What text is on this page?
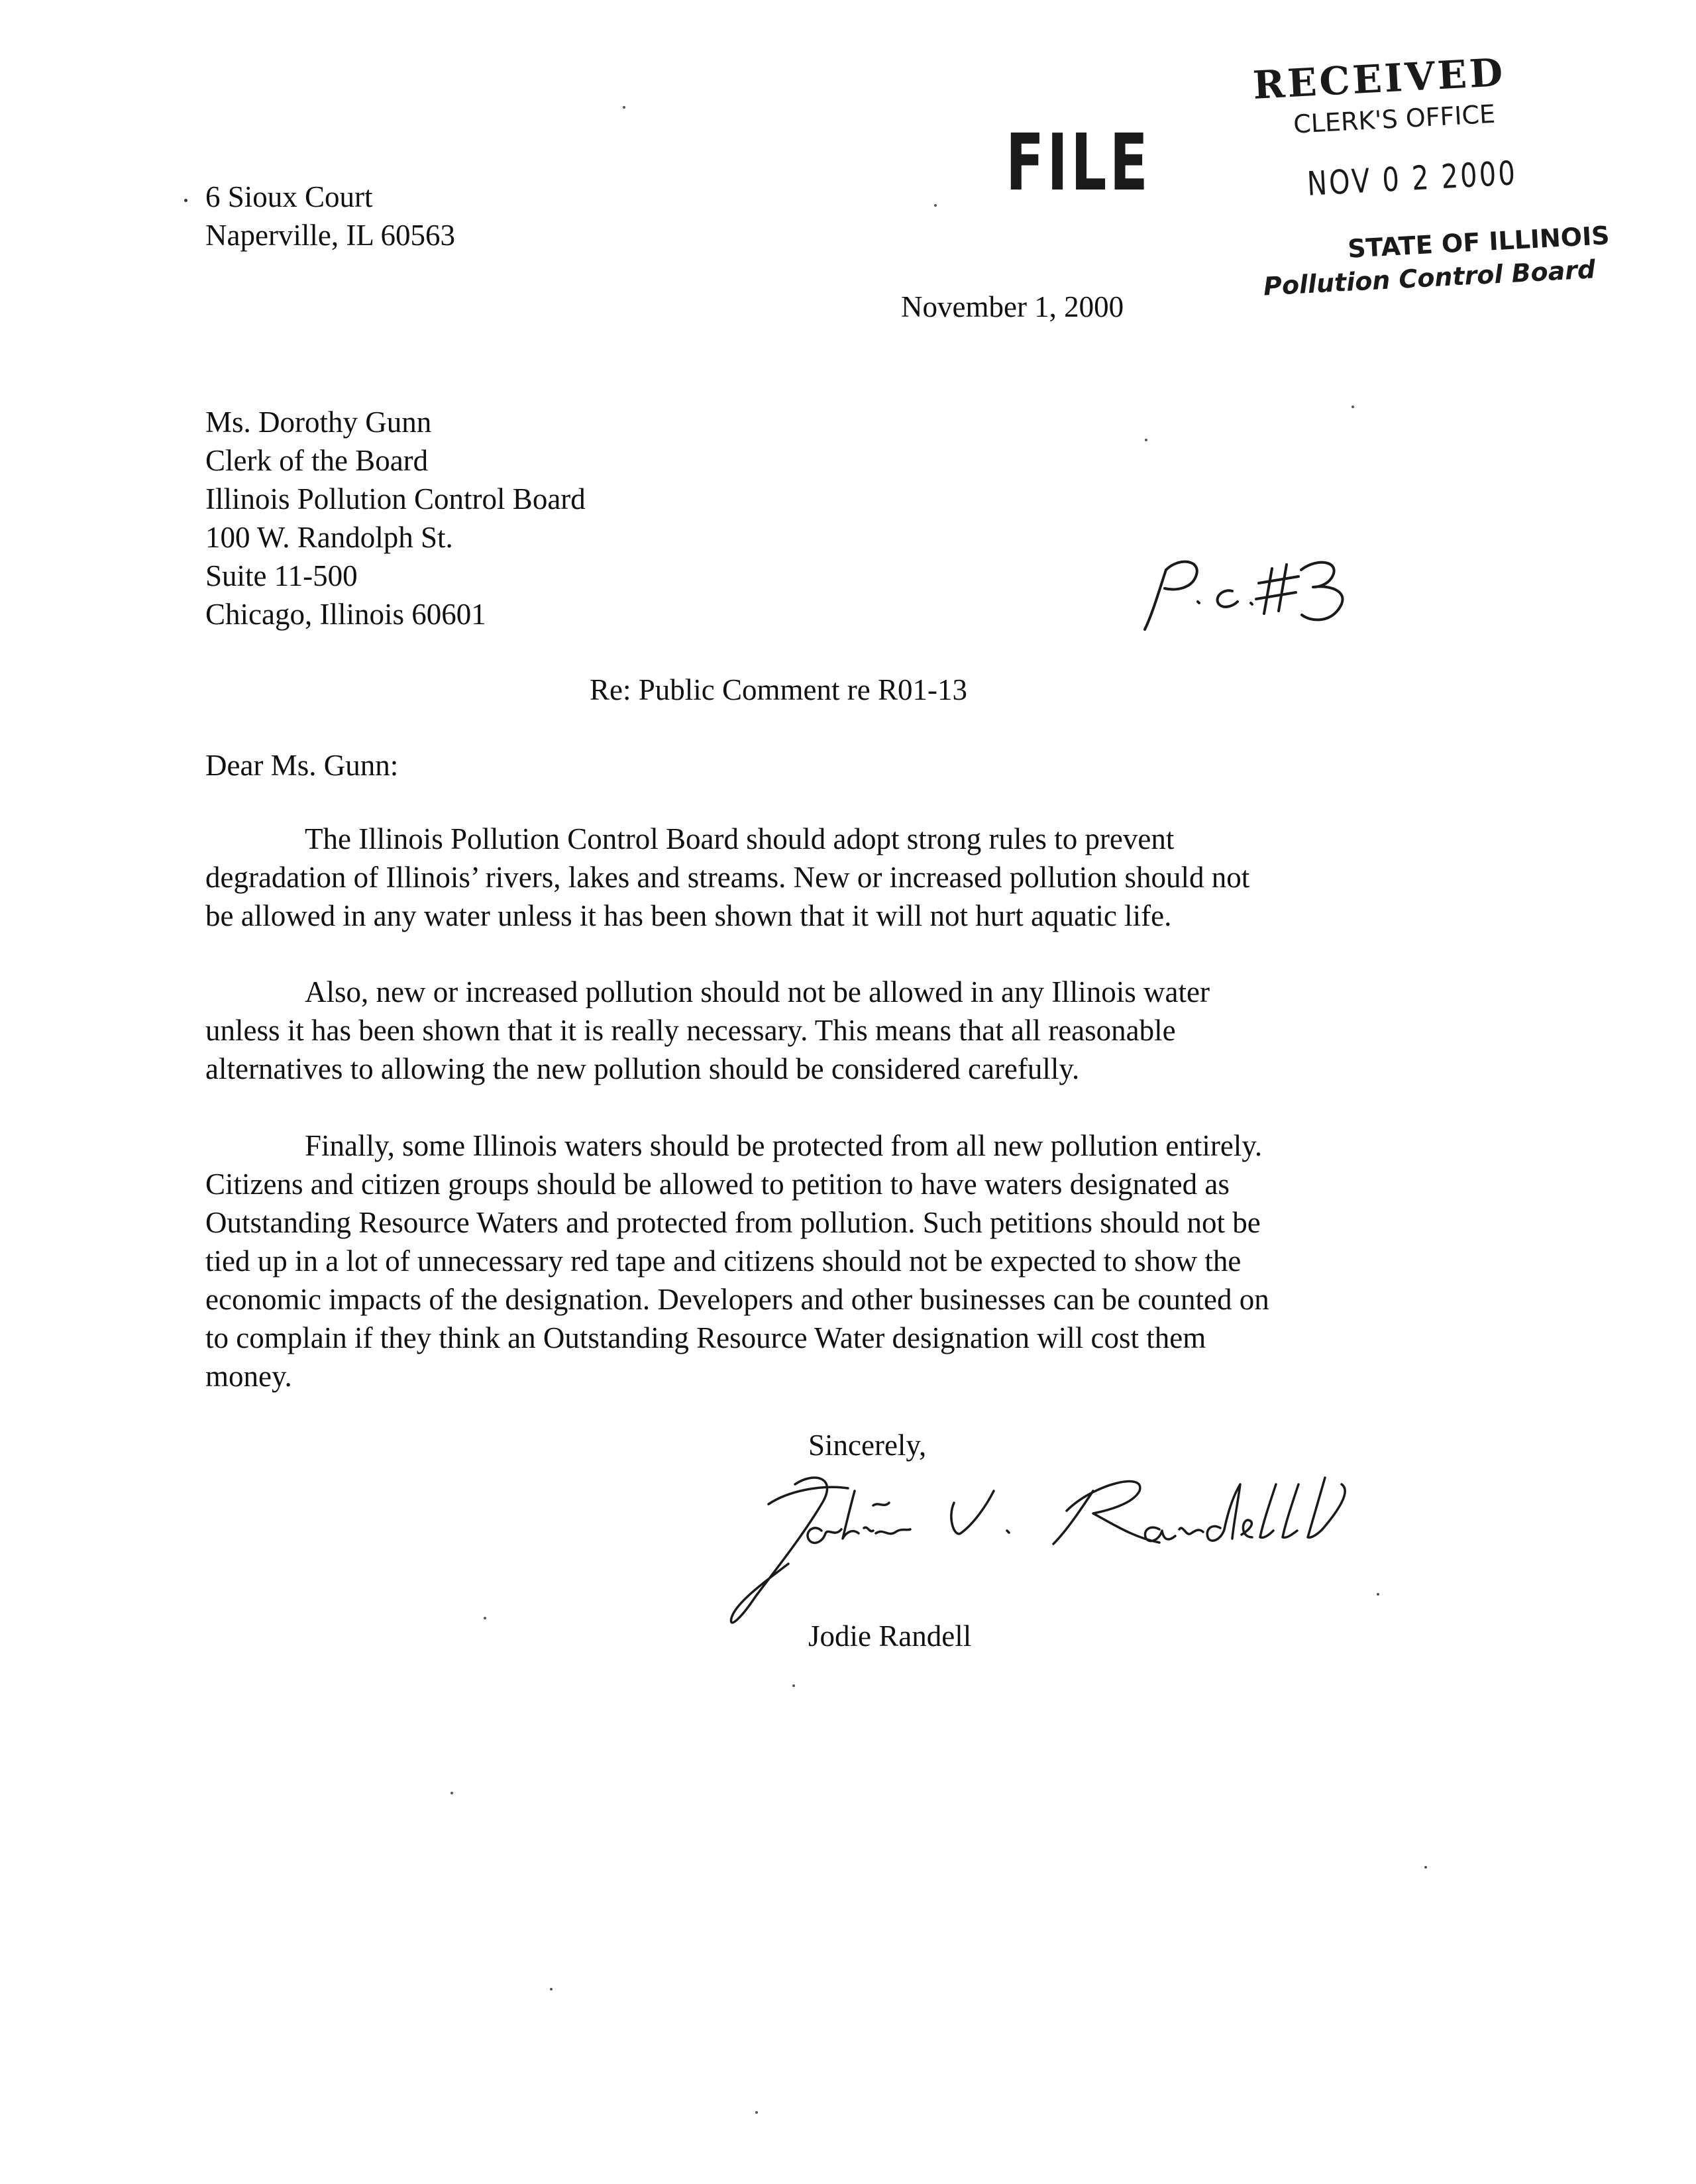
6 Sioux Court
Naperville, IL 60563
FILE
RECEIVED
CLERK'S OFFICE
NOV 0 2 2000
STATE OF ILLINOIS
Pollution Control Board
November 1, 2000
Ms. Dorothy Gunn
Clerk of the Board
Illinois Pollution Control Board
100 W. Randolph St.
Suite 11-500
Chicago, Illinois 60601
Re: Public Comment re R01-13
Dear Ms. Gunn:
The Illinois Pollution Control Board should adopt strong rules to prevent
degradation of Illinois’ rivers, lakes and streams. New or increased pollution should not
be allowed in any water unless it has been shown that it will not hurt aquatic life.
Also, new or increased pollution should not be allowed in any Illinois water
unless it has been shown that it is really necessary. This means that all reasonable
alternatives to allowing the new pollution should be considered carefully.
Finally, some Illinois waters should be protected from all new pollution entirely.
Citizens and citizen groups should be allowed to petition to have waters designated as
Outstanding Resource Waters and protected from pollution. Such petitions should not be
tied up in a lot of unnecessary red tape and citizens should not be expected to show the
economic impacts of the designation. Developers and other businesses can be counted on
to complain if they think an Outstanding Resource Water designation will cost them
money.
Sincerely,
Jodie Randell
